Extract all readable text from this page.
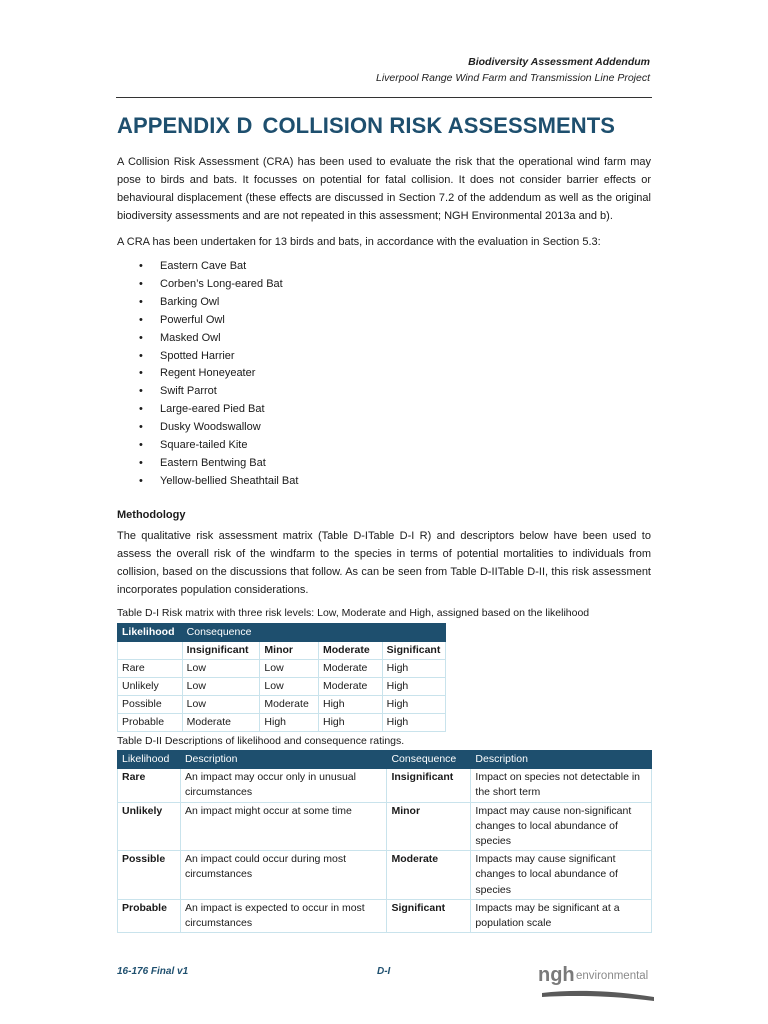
Biodiversity Assessment Addendum
Liverpool Range Wind Farm and Transmission Line Project
APPENDIX D COLLISION RISK ASSESSMENTS
A Collision Risk Assessment (CRA) has been used to evaluate the risk that the operational wind farm may pose to birds and bats. It focusses on potential for fatal collision. It does not consider barrier effects or behavioural displacement (these effects are discussed in Section 7.2 of the addendum as well as the original biodiversity assessments and are not repeated in this assessment; NGH Environmental 2013a and b).
A CRA has been undertaken for 13 birds and bats, in accordance with the evaluation in Section 5.3:
• Eastern Cave Bat
• Corben’s Long-eared Bat
• Barking Owl
• Powerful Owl
• Masked Owl
• Spotted Harrier
• Regent Honeyeater
• Swift Parrot
• Large-eared Pied Bat
• Dusky Woodswallow
• Square-tailed Kite
• Eastern Bentwing Bat
• Yellow-bellied Sheathtail Bat
Methodology
The qualitative risk assessment matrix (Table D-ITable D-I R) and descriptors below have been used to assess the overall risk of the windfarm to the species in terms of potential mortalities to individuals from collision, based on the discussions that follow. As can be seen from Table D-IITable D-II, this risk assessment incorporates population considerations.
Table D-I Risk matrix with three risk levels: Low, Moderate and High, assigned based on the likelihood
Likelihood	Consequence			
	Insignificant	Minor	Moderate	Significant
Rare	Low	Low	Moderate	High
Unlikely	Low	Low	Moderate	High
Possible	Low	Moderate	High	High
Probable	Moderate	High	High	High
Table D-II Descriptions of likelihood and consequence ratings.
Likelihood	Description	Consequence	Description
Rare	An impact may occur only in unusual circumstances	Insignificant	Impact on species not detectable in the short term
Unlikely	An impact might occur at some time	Minor	Impact may cause non-significant changes to local abundance of species
Possible	An impact could occur during most circumstances	Moderate	Impacts may cause significant changes to local abundance of species
Probable	An impact is expected to occur in most circumstances	Significant	Impacts may be significant at a population scale
16-176 Final v1	D-I	ngh environmental
